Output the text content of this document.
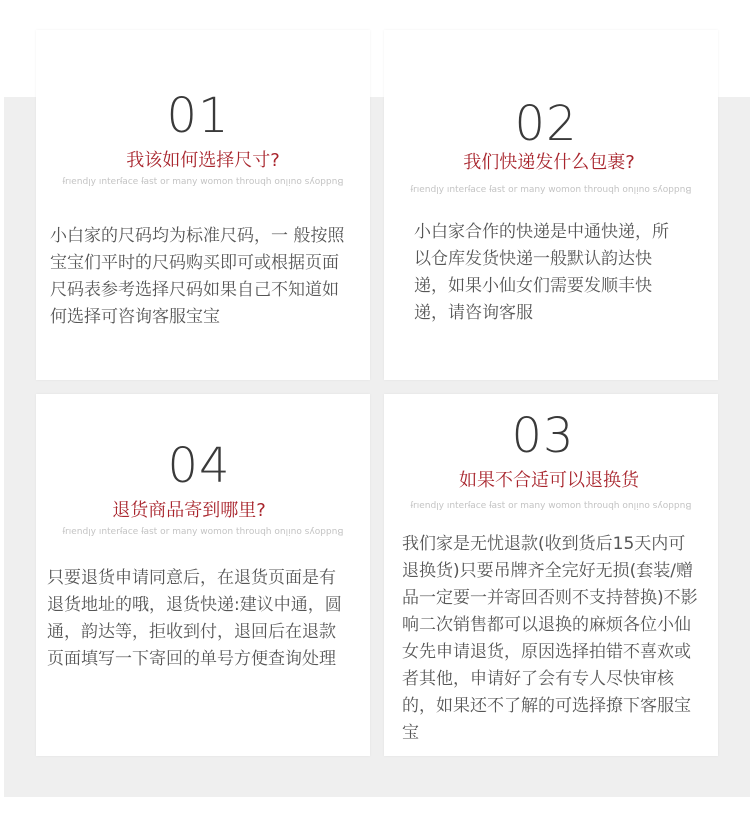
01
我该如何选择尺寸?
Buddoys ouiluo ɥbnoɹɥʇ uoɯoʍ ʎuɐɯ ɹo ʇsɐɟ ǝɔɐɟɹǝʇuı ʎlpuǝıɹɟ
小白家的尺码均为标准尺码，一 般按照宝宝们平时的尺码购买即可或根据页面尺码表参考选择尺码如果自己不知道如何选择可咨询客服宝宝
02
我们快递发什么包裹?
Buddoys ouiluo ɥbnoɹɥʇ uoɯoʍ ʎuɐɯ ɹo ʇsɐɟ ǝɔɐɟɹǝʇuı ʎlpuǝıɹɟ
小白家合作的快递是中通快递，所以仓库发货快递一般默认韵达快递，如果小仙女们需要发顺丰快递，请咨询客服
04
退货商品寄到哪里?
Buddoys ouiluo ɥbnoɹɥʇ uoɯoʍ ʎuɐɯ ɹo ʇsɐɟ ǝɔɐɟɹǝʇuı ʎlpuǝıɹɟ
只要退货申请同意后，在退货页面是有退货地址的哦，退货快递:建议中通，圆通，韵达等，拒收到付，退回后在退款页面填写一下寄回的单号方便查询处理
03
如果不合适可以退换货
Buddoys ouiluo ɥbnoɹɥʇ uoɯoʍ ʎuɐɯ ɹo ʇsɐɟ ǝɔɐɟɹǝʇuı ʎlpuǝıɹɟ
我们家是无忧退款(收到货后15天内可退换货)只要吊牌齐全完好无损(套装/赠品一定要一并寄回否则不支持替换)不影响二次销售都可以退换的麻烦各位小仙女先申请退货，原因选择拍错不喜欢或者其他，申请好了会有专人尽快审核的，如果还不了解的可选择撩下客服宝宝
